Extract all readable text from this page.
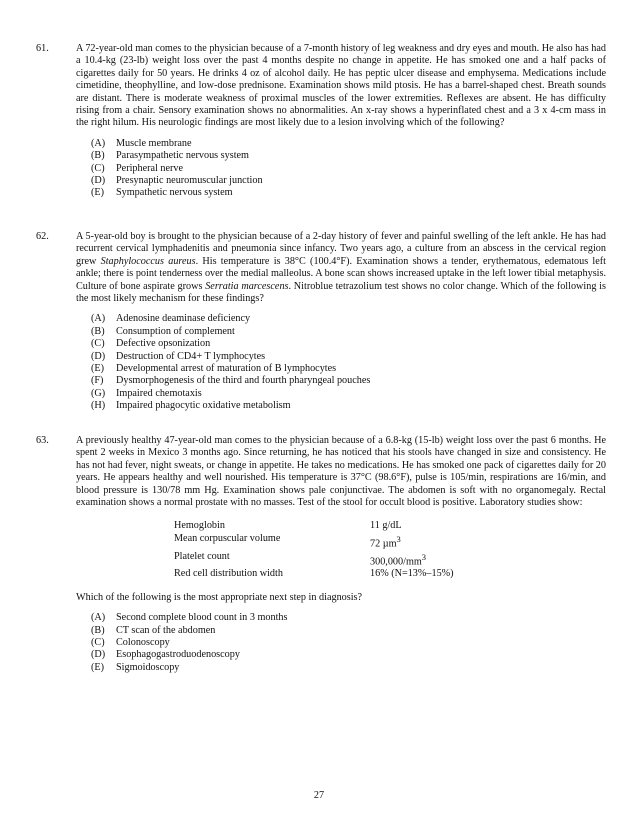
61.	A 72-year-old man comes to the physician because of a 7-month history of leg weakness and dry eyes and mouth. He also has had a 10.4-kg (23-lb) weight loss over the past 4 months despite no change in appetite. He has smoked one and a half packs of cigarettes daily for 50 years. He drinks 4 oz of alcohol daily. He has peptic ulcer disease and emphysema. Medications include cimetidine, theophylline, and low-dose prednisone. Examination shows mild ptosis. He has a barrel-shaped chest. Breath sounds are distant. There is moderate weakness of proximal muscles of the lower extremities. Reflexes are absent. He has difficulty rising from a chair. Sensory examination shows no abnormalities. An x-ray shows a hyperinflated chest and a 3 x 4-cm mass in the right hilum. His neurologic findings are most likely due to a lesion involving which of the following?

(A)	Muscle membrane
(B)	Parasympathetic nervous system
(C)	Peripheral nerve
(D)	Presynaptic neuromuscular junction
(E)	Sympathetic nervous system
62.	A 5-year-old boy is brought to the physician because of a 2-day history of fever and painful swelling of the left ankle. He has had recurrent cervical lymphadenitis and pneumonia since infancy. Two years ago, a culture from an abscess in the cervical region grew Staphylococcus aureus. His temperature is 38°C (100.4°F). Examination shows a tender, erythematous, edematous left ankle; there is point tenderness over the medial malleolus. A bone scan shows increased uptake in the left lower tibial metaphysis. Culture of bone aspirate grows Serratia marcescens. Nitroblue tetrazolium test shows no color change. Which of the following is the most likely mechanism for these findings?

(A)	Adenosine deaminase deficiency
(B)	Consumption of complement
(C)	Defective opsonization
(D)	Destruction of CD4+ T lymphocytes
(E)	Developmental arrest of maturation of B lymphocytes
(F)	Dysmorphogenesis of the third and fourth pharyngeal pouches
(G)	Impaired chemotaxis
(H)	Impaired phagocytic oxidative metabolism
63.	A previously healthy 47-year-old man comes to the physician because of a 6.8-kg (15-lb) weight loss over the past 6 months. He spent 2 weeks in Mexico 3 months ago. Since returning, he has noticed that his stools have changed in size and consistency. He has not had fever, night sweats, or change in appetite. He takes no medications. He has smoked one pack of cigarettes daily for 20 years. He appears healthy and well nourished. His temperature is 37°C (98.6°F), pulse is 105/min, respirations are 16/min, and blood pressure is 130/78 mm Hg. Examination shows pale conjunctivae. The abdomen is soft with no organomegaly. Rectal examination shows a normal prostate with no masses. Test of the stool for occult blood is positive. Laboratory studies show:

Hemoglobin	11 g/dL
Mean corpuscular volume	72 µm$^3$
Platelet count	$300,000/mm^3$
Red cell distribution width	16% (N=13%–15%)

Which of the following is the most appropriate next step in diagnosis?

(A)	Second complete blood count in 3 months
(B)	CT scan of the abdomen
(C)	Colonoscopy
(D)	Esophagogastroduodenoscopy
(E)	Sigmoidoscopy
27
